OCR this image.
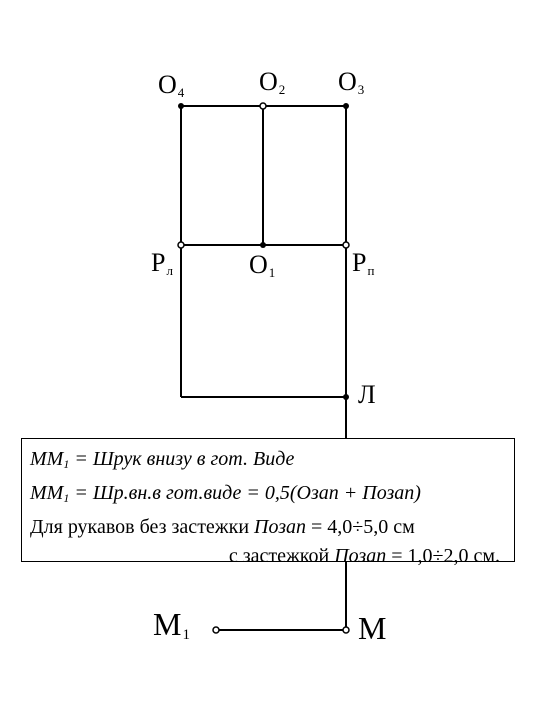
$O_4$	$O_2$ $O_3$
$Р_л$	$O_1$	$Р_п$
Л
$М_1$	М
$ММ_1$ = Шрук внизу в гот. Виде
$ММ_1 = Шр.вн.в$ гот.виде = 0,5(Озап + Позап)
Для рукавов без застежки Позап = 4,0÷5,0 см
с застежкой Позап = 1,0÷2,0 см.
